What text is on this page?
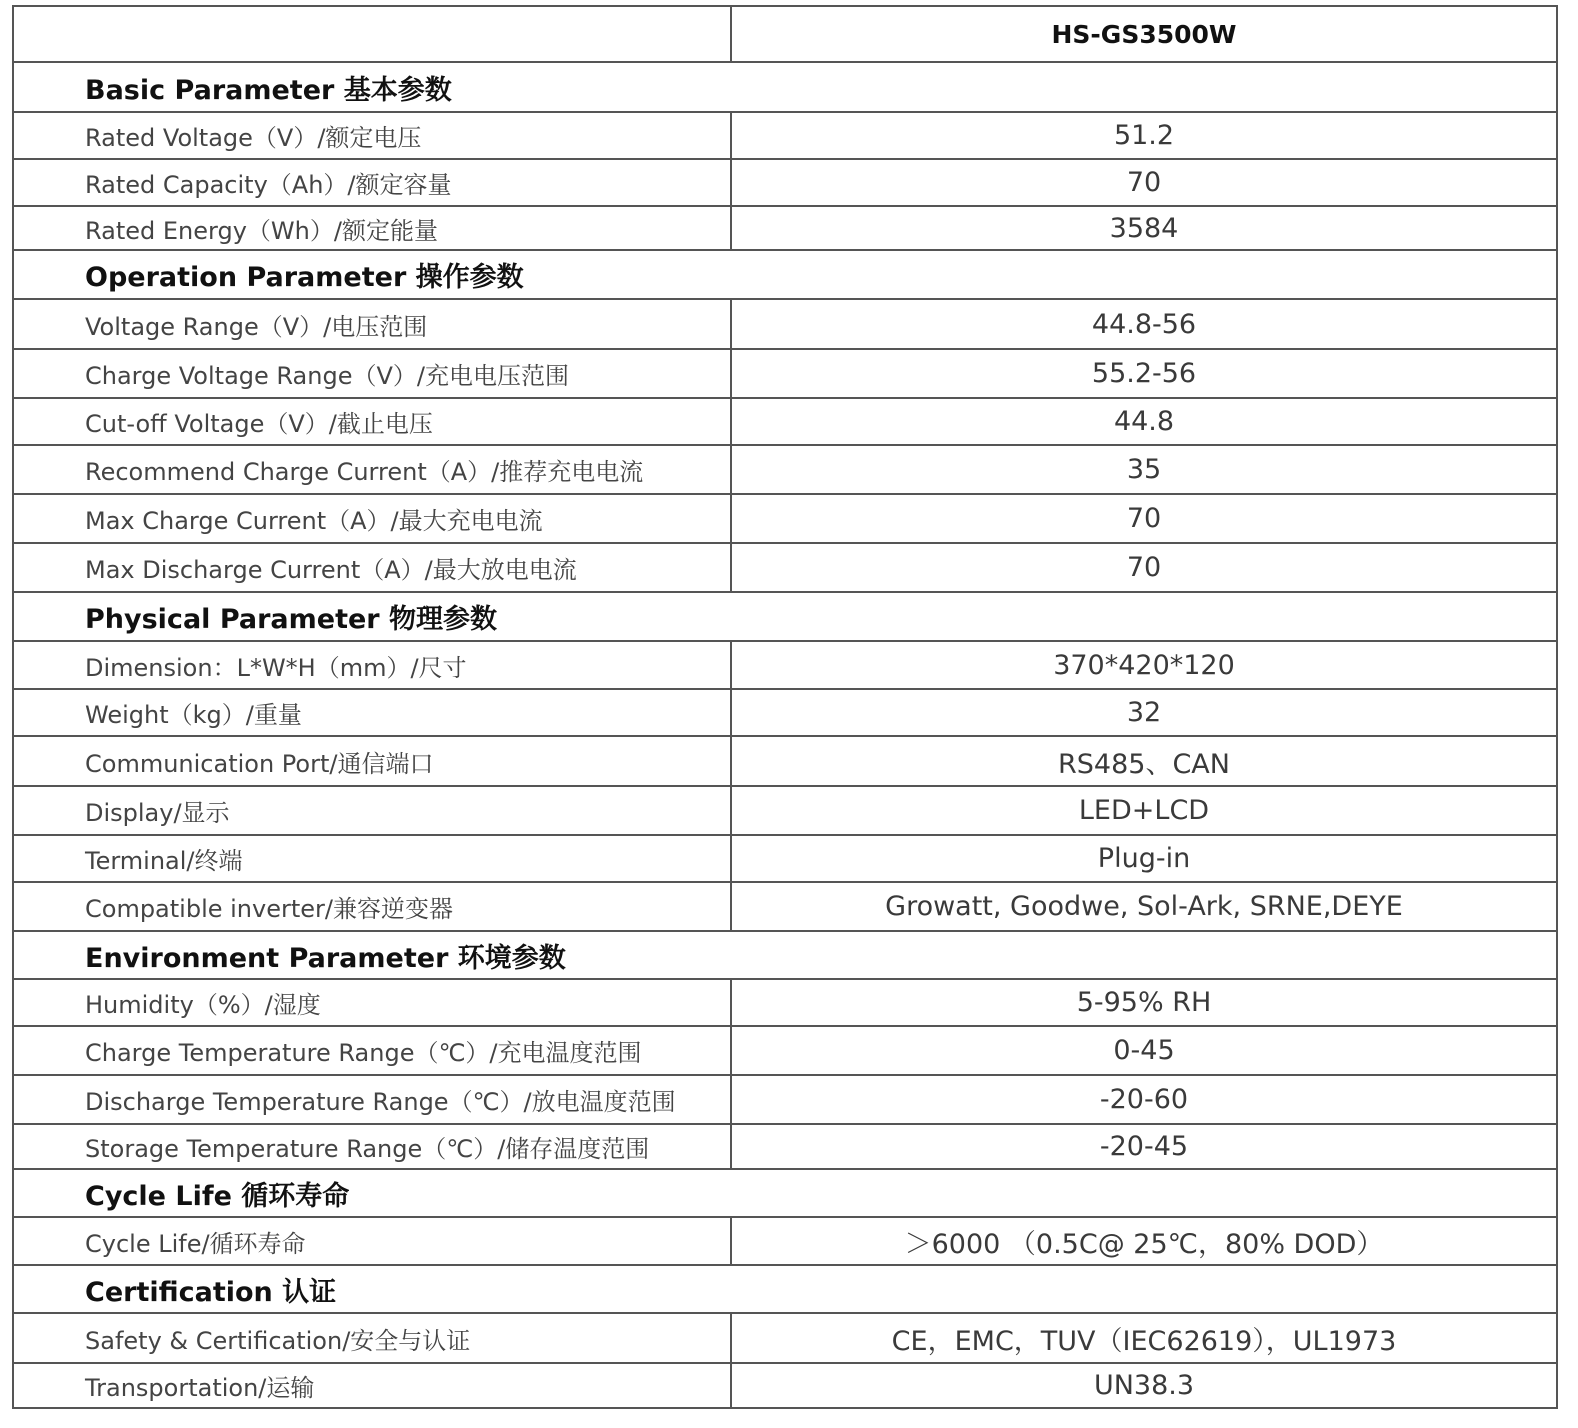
	HS-GS3500W
Basic Parameter 基本参数	
Rated Voltage（V）/额定电压	51.2
Rated Capacity（Ah）/额定容量	70
Rated Energy（Wh）/额定能量	3584
Operation Parameter 操作参数	
Voltage Range（V）/电压范围	44.8-56
Charge Voltage Range（V）/充电电压范围	55.2-56
Cut-off Voltage（V）/截止电压	44.8
Recommend Charge Current（A）/推荐充电电流	35
Max Charge Current（A）/最大充电电流	70
Max Discharge Current（A）/最大放电电流	70
Physical Parameter 物理参数	
Dimension：L*W*H（mm）/尺寸	370*420*120
Weight（kg）/重量	32
Communication Port/通信端口	RS485、CAN
Display/显示	LED+LCD
Terminal/终端	Plug-in
Compatible inverter/兼容逆变器	Growatt, Goodwe, Sol-Ark, SRNE,DEYE
Environment Parameter 环境参数	
Humidity（%）/湿度	5-95% RH
Charge Temperature Range（℃）/充电温度范围	0-45
Discharge Temperature Range（℃）/放电温度范围	-20-60
Storage Temperature Range（℃）/储存温度范围	-20-45
Cycle Life 循环寿命	
Cycle Life/循环寿命	＞6000 （0.5C@ 25℃，80% DOD）
Certification 认证	
Safety & Certification/安全与认证	CE，EMC，TUV（IEC62619），UL1973
Transportation/运输	UN38.3
